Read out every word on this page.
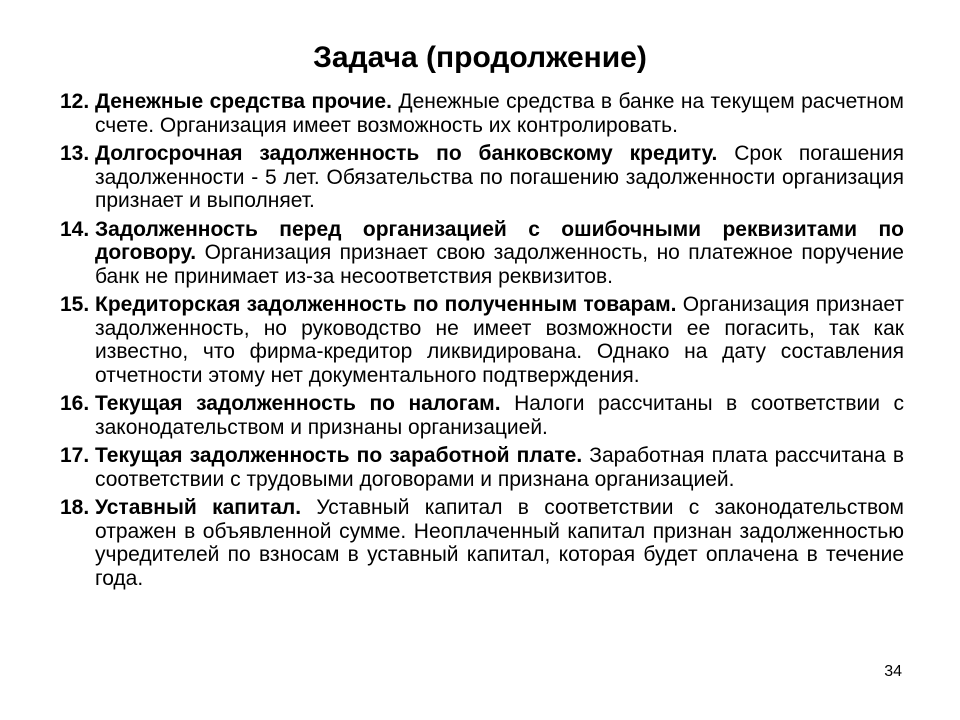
Задача (продолжение)
12. Денежные средства прочие. Денежные средства в банке на текущем расчетном счете. Организация имеет возможность их контролировать.
13. Долгосрочная задолженность по банковскому кредиту. Срок погашения задолженности - 5 лет. Обязательства по погашению задолженности организация признает и выполняет.
14. Задолженность перед организацией с ошибочными реквизитами по договору. Организация признает свою задолженность, но платежное поручение банк не принимает из-за несоответствия реквизитов.
15. Кредиторская задолженность по полученным товарам. Организация признает задолженность, но руководство не имеет возможности ее погасить, так как известно, что фирма-кредитор ликвидирована. Однако на дату составления отчетности этому нет документального подтверждения.
16. Текущая задолженность по налогам. Налоги рассчитаны в соответствии с законодательством и признаны организацией.
17. Текущая задолженность по заработной плате. Заработная плата рассчитана в соответствии с трудовыми договорами и признана организацией.
18. Уставный капитал. Уставный капитал в соответствии с законодательством отражен в объявленной сумме. Неоплаченный капитал признан задолженностью учредителей по взносам в уставный капитал, которая будет оплачена в течение года.
34
